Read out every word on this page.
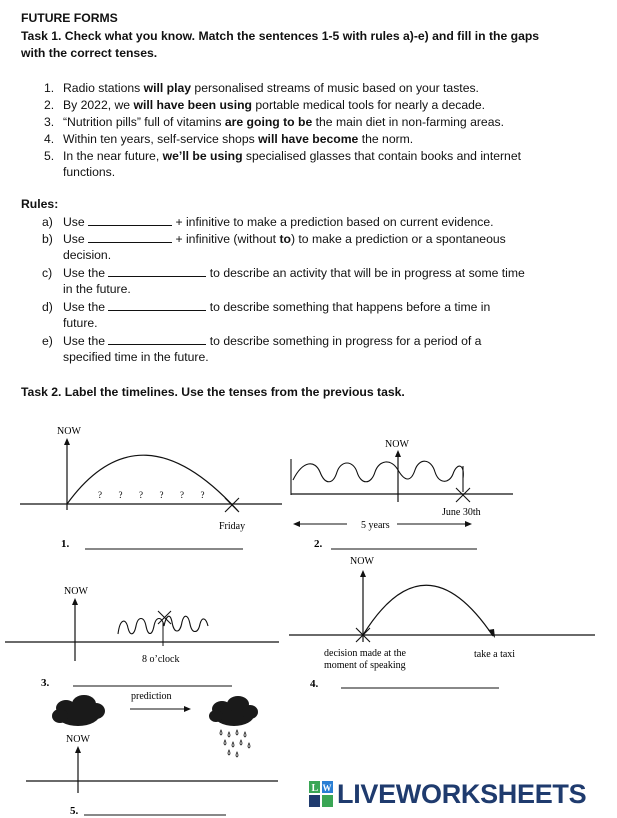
FUTURE FORMS
Task 1. Check what you know. Match the sentences 1-5 with rules a)-e) and fill in the gaps with the correct tenses.
1. Radio stations will play personalised streams of music based on your tastes.
2. By 2022, we will have been using portable medical tools for nearly a decade.
3. “Nutrition pills” full of vitamins are going to be the main diet in non-farming areas.
4. Within ten years, self-service shops will have become the norm.
5. In the near future, we’ll be using specialised glasses that contain books and internet
functions.
Rules:
a) Use	+ infinitive to make a prediction based on current evidence.
b) Use	+ infinitive (without to) to make a prediction or a spontaneous
decision.
c) Use the	to describe an activity that will be in progress at some time
in the future.
d) Use the	to describe something that happens before a time in
future.
e) Use the	to describe something in progress for a period of a
specified time in the future.
Task 2. Label the timelines. Use the tenses from the previous task.
NOW
? ? ? ? ? ?
Friday
1.
NOW
June 30th
5 years
2.
NOW
8 o’clock
3.
NOW
decision made at the
moment of speaking
take a taxi
4.
prediction
NOW
5.
L W LIVEWORKSHEETS
